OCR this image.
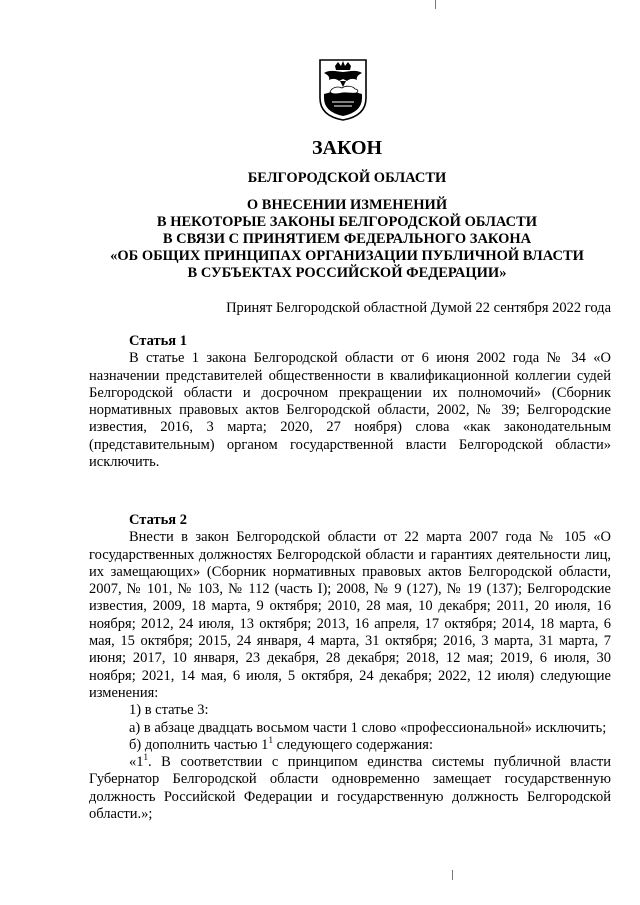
ЗАКОН
БЕЛГОРОДСКОЙ ОБЛАСТИ
О ВНЕСЕНИИ ИЗМЕНЕНИЙ
В НЕКОТОРЫЕ ЗАКОНЫ БЕЛГОРОДСКОЙ ОБЛАСТИ
В СВЯЗИ С ПРИНЯТИЕМ ФЕДЕРАЛЬНОГО ЗАКОНА
«ОБ ОБЩИХ ПРИНЦИПАХ ОРГАНИЗАЦИИ ПУБЛИЧНОЙ ВЛАСТИ
В СУБЪЕКТАХ РОССИЙСКОЙ ФЕДЕРАЦИИ»
Принят Белгородской областной Думой 22 сентября 2022 года

Статья 1

В статье 1 закона Белгородской области от 6 июня 2002 года № 34 «О назначении представителей общественности в квалификационной коллегии судей Белгородской области и досрочном прекращении их полномочий» (Сборник нормативных правовых актов Белгородской области, 2002, № 39; Белгородские известия, 2016, 3 марта; 2020, 27 ноября) слова «как законодательным (представительным) органом государственной власти Белгородской области» исключить.

Статья 2

Внести в закон Белгородской области от 22 марта 2007 года № 105 «О государственных должностях Белгородской области и гарантиях деятельности лиц, их замещающих» (Сборник нормативных правовых актов Белгородской области, 2007, № 101, № 103, № 112 (часть I); 2008, № 9 (127), № 19 (137); Белгородские известия, 2009, 18 марта, 9 октября; 2010, 28 мая, 10 декабря; 2011, 20 июля, 16 ноября; 2012, 24 июля, 13 октября; 2013, 16 апреля, 17 октября; 2014, 18 марта, 6 мая, 15 октября; 2015, 24 января, 4 марта, 31 октября; 2016, 3 марта, 31 марта, 7 июня; 2017, 10 января, 23 декабря, 28 декабря; 2018, 12 мая; 2019, 6 июля, 30 ноября; 2021, 14 мая, 6 июля, 5 октября, 24 декабря; 2022, 12 июля) следующие изменения:

1) в статье 3:

а) в абзаце двадцать восьмом части 1 слово «профессиональной» исключить;

б) дополнить частью $1^1$ следующего содержания:

«$1^1$. В соответствии с принципом единства системы публичной власти Губернатор Белгородской области одновременно замещает государственную должность Российской Федерации и государственную должность Белгородской области.»;
